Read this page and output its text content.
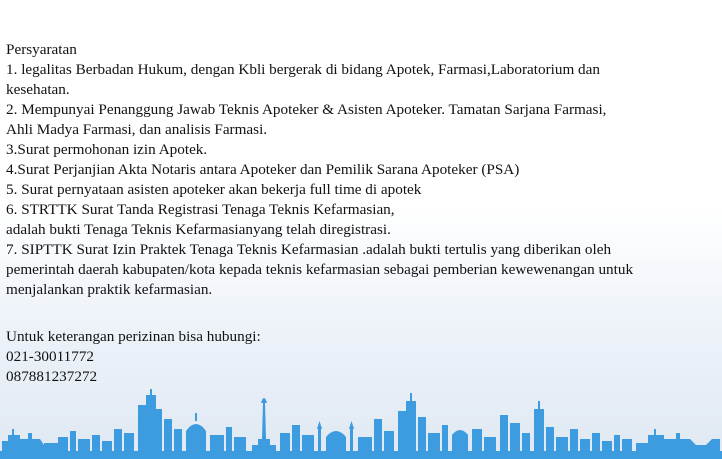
Persyaratan

1. legalitas Berbadan Hukum, dengan Kbli bergerak di bidang Apotek, Farmasi,Laboratorium dan

kesehatan.

2. Mempunyai Penanggung Jawab Teknis Apoteker & Asisten Apoteker. Tamatan Sarjana Farmasi,

Ahli Madya Farmasi, dan analisis Farmasi.

3.Surat permohonan izin Apotek.

4.Surat Perjanjian Akta Notaris antara Apoteker dan Pemilik Sarana Apoteker (PSA)

5. Surat pernyataan asisten apoteker akan bekerja full time di apotek

6. STRTTK Surat Tanda Registrasi Tenaga Teknis Kefarmasian,

adalah bukti Tenaga Teknis Kefarmasianyang telah diregistrasi.

7. SIPTTK Surat Izin Praktek Tenaga Teknis Kefarmasian .adalah bukti tertulis yang diberikan oleh

pemerintah daerah kabupaten/kota kepada teknis kefarmasian sebagai pemberian kewewenangan untuk

menjalankan praktik kefarmasian.

Untuk keterangan perizinan bisa hubungi:

021-30011772

087881237272
